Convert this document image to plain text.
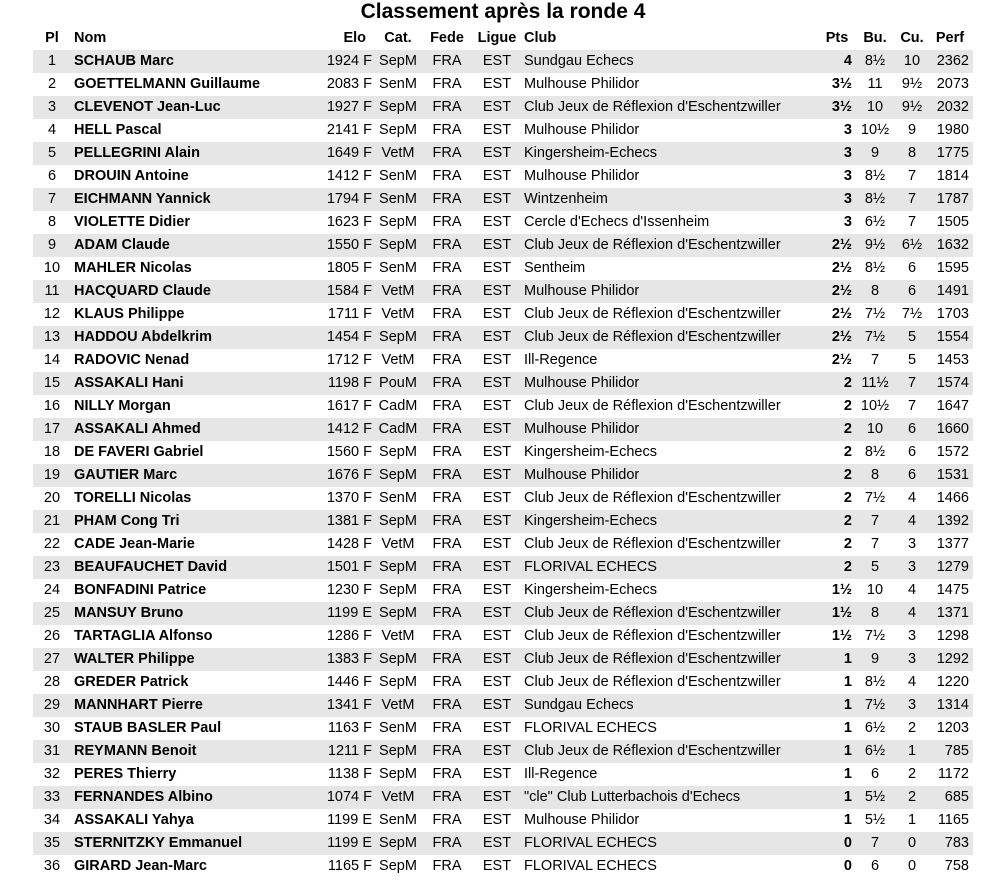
Classement après la ronde 4
Pl	Nom	Elo	Cat.	Fede	Ligue	Club	Pts	Bu.	Cu.	Perf
1	SCHAUB Marc	1924 F	SepM	FRA	EST	Sundgau Echecs	4	8½	10	2362
2	GOETTELMANN Guillaume	2083 F	SenM	FRA	EST	Mulhouse Philidor	3½	11	9½	2073
3	CLEVENOT Jean-Luc	1927 F	SepM	FRA	EST	Club Jeux de Réflexion d'Eschentzwiller	3½	10	9½	2032
4	HELL Pascal	2141 F	SepM	FRA	EST	Mulhouse Philidor	3	10½	9	1980
5	PELLEGRINI Alain	1649 F	VetM	FRA	EST	Kingersheim-Echecs	3	9	8	1775
6	DROUIN Antoine	1412 F	SenM	FRA	EST	Mulhouse Philidor	3	8½	7	1814
7	EICHMANN Yannick	1794 F	SenM	FRA	EST	Wintzenheim	3	8½	7	1787
8	VIOLETTE Didier	1623 F	SepM	FRA	EST	Cercle d'Echecs d'Issenheim	3	6½	7	1505
9	ADAM Claude	1550 F	SepM	FRA	EST	Club Jeux de Réflexion d'Eschentzwiller	2½	9½	6½	1632
10	MAHLER Nicolas	1805 F	SenM	FRA	EST	Sentheim	2½	8½	6	1595
11	HACQUARD Claude	1584 F	VetM	FRA	EST	Mulhouse Philidor	2½	8	6	1491
12	KLAUS Philippe	1711 F	VetM	FRA	EST	Club Jeux de Réflexion d'Eschentzwiller	2½	7½	7½	1703
13	HADDOU Abdelkrim	1454 F	SepM	FRA	EST	Club Jeux de Réflexion d'Eschentzwiller	2½	7½	5	1554
14	RADOVIC Nenad	1712 F	VetM	FRA	EST	Ill-Regence	2½	7	5	1453
15	ASSAKALI Hani	1198 F	PouM	FRA	EST	Mulhouse Philidor	2	11½	7	1574
16	NILLY Morgan	1617 F	CadM	FRA	EST	Club Jeux de Réflexion d'Eschentzwiller	2	10½	7	1647
17	ASSAKALI Ahmed	1412 F	CadM	FRA	EST	Mulhouse Philidor	2	10	6	1660
18	DE FAVERI Gabriel	1560 F	SepM	FRA	EST	Kingersheim-Echecs	2	8½	6	1572
19	GAUTIER Marc	1676 F	SepM	FRA	EST	Mulhouse Philidor	2	8	6	1531
20	TORELLI Nicolas	1370 F	SenM	FRA	EST	Club Jeux de Réflexion d'Eschentzwiller	2	7½	4	1466
21	PHAM Cong Tri	1381 F	SepM	FRA	EST	Kingersheim-Echecs	2	7	4	1392
22	CADE Jean-Marie	1428 F	VetM	FRA	EST	Club Jeux de Réflexion d'Eschentzwiller	2	7	3	1377
23	BEAUFAUCHET David	1501 F	SepM	FRA	EST	FLORIVAL ECHECS	2	5	3	1279
24	BONFADINI Patrice	1230 F	SepM	FRA	EST	Kingersheim-Echecs	1½	10	4	1475
25	MANSUY Bruno	1199 E	SepM	FRA	EST	Club Jeux de Réflexion d'Eschentzwiller	1½	8	4	1371
26	TARTAGLIA Alfonso	1286 F	VetM	FRA	EST	Club Jeux de Réflexion d'Eschentzwiller	1½	7½	3	1298
27	WALTER Philippe	1383 F	SepM	FRA	EST	Club Jeux de Réflexion d'Eschentzwiller	1	9	3	1292
28	GREDER Patrick	1446 F	SepM	FRA	EST	Club Jeux de Réflexion d'Eschentzwiller	1	8½	4	1220
29	MANNHART Pierre	1341 F	VetM	FRA	EST	Sundgau Echecs	1	7½	3	1314
30	STAUB BASLER Paul	1163 F	SenM	FRA	EST	FLORIVAL ECHECS	1	6½	2	1203
31	REYMANN Benoit	1211 F	SepM	FRA	EST	Club Jeux de Réflexion d'Eschentzwiller	1	6½	1	785
32	PERES Thierry	1138 F	SepM	FRA	EST	Ill-Regence	1	6	2	1172
33	FERNANDES Albino	1074 F	VetM	FRA	EST	"cle" Club Lutterbachois d'Echecs	1	5½	2	685
34	ASSAKALI Yahya	1199 E	SenM	FRA	EST	Mulhouse Philidor	1	5½	1	1165
35	STERNITZKY Emmanuel	1199 E	SepM	FRA	EST	FLORIVAL ECHECS	0	7	0	783
36	GIRARD Jean-Marc	1165 F	SepM	FRA	EST	FLORIVAL ECHECS	0	6	0	758
